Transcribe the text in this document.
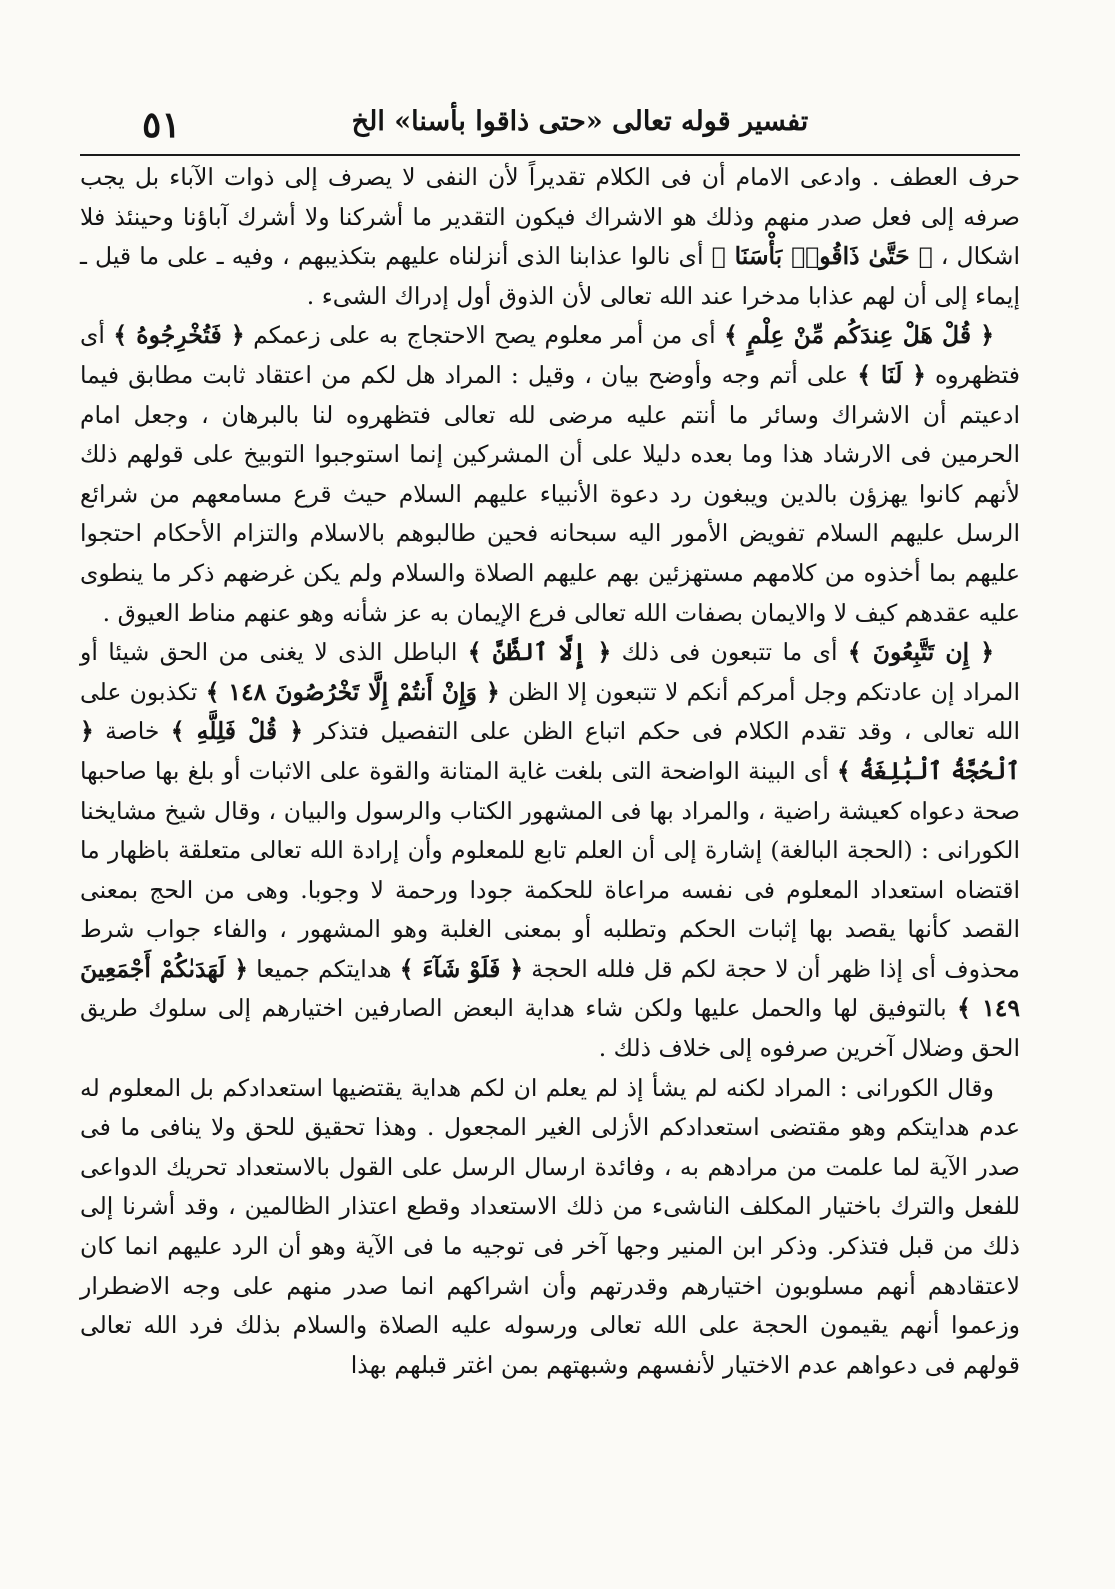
٥١	تفسير قوله تعالى «حتى ذاقوا بأسنا» الخ

حرف العطف . وادعى الامام أن فى الكلام تقديراً لأن النفى لا يصرف إلى ذوات الآباء بل يجب صرفه إلى فعل صدر منهم وذلك هو الاشراك فيكون التقدير ما أشركنا ولا أشرك آباؤنا وحينئذ فلا اشكال ، ﴿ حَتَّىٰ ذَاقُوا۟ بَأْسَنَا ﴾ أى نالوا عذابنا الذى أنزلناه عليهم بتكذيبهم ، وفيه ـ على ما قيل ـ إيماء إلى أن لهم عذابا مدخرا عند الله تعالى لأن الذوق أول إدراك الشىء .

﴿ قُلْ هَلْ عِندَكُم مِّنْ عِلْمٍ ﴾ أى من أمر معلوم يصح الاحتجاج به على زعمكم ﴿ فَتُخْرِجُوهُ ﴾ أى فتظهروه ﴿ لَنَا ﴾ على أتم وجه وأوضح بيان ، وقيل : المراد هل لكم من اعتقاد ثابت مطابق فيما ادعيتم أن الاشراك وسائر ما أنتم عليه مرضى لله تعالى فتظهروه لنا بالبرهان ، وجعل امام الحرمين فى الارشاد هذا وما بعده دليلا على أن المشركين إنما استوجبوا التوبيخ على قولهم ذلك لأنهم كانوا يهزؤن بالدين ويبغون رد دعوة الأنبياء عليهم السلام حيث قرع مسامعهم من شرائع الرسل عليهم السلام تفويض الأمور اليه سبحانه فحين طالبوهم بالاسلام والتزام الأحكام احتجوا عليهم بما أخذوه من كلامهم مستهزئين بهم عليهم الصلاة والسلام ولم يكن غرضهم ذكر ما ينطوى عليه عقدهم كيف لا والايمان بصفات الله تعالى فرع الإيمان به عز شأنه وهو عنهم مناط العيوق .

﴿ إِن تَتَّبِعُونَ ﴾ أى ما تتبعون فى ذلك ﴿ إِلَّا ٱلظَّنَّ ﴾ الباطل الذى لا يغنى من الحق شيئا أو المراد إن عادتكم وجل أمركم أنكم لا تتبعون إلا الظن ﴿ وَإِنْ أَنتُمْ إِلَّا تَخْرُصُونَ ١٤٨ ﴾ تكذبون على الله تعالى ، وقد تقدم الكلام فى حكم اتباع الظن على التفصيل فتذكر ﴿ قُلْ فَلِلَّهِ ﴾ خاصة ﴿ ٱلْحُجَّةُ ٱلْبَٰلِغَةُ ﴾ أى البينة الواضحة التى بلغت غاية المتانة والقوة على الاثبات أو بلغ بها صاحبها صحة دعواه كعيشة راضية ، والمراد بها فى المشهور الكتاب والرسول والبيان ، وقال شيخ مشايخنا الكورانى : (الحجة البالغة) إشارة إلى أن العلم تابع للمعلوم وأن إرادة الله تعالى متعلقة باظهار ما اقتضاه استعداد المعلوم فى نفسه مراعاة للحكمة جودا ورحمة لا وجوبا. وهى من الحج بمعنى القصد كأنها يقصد بها إثبات الحكم وتطلبه أو بمعنى الغلبة وهو المشهور ، والفاء جواب شرط محذوف أى إذا ظهر أن لا حجة لكم قل فلله الحجة ﴿ فَلَوْ شَآءَ ﴾ هدايتكم جميعا ﴿ لَهَدَىٰكُمْ أَجْمَعِينَ ١٤٩ ﴾ بالتوفيق لها والحمل عليها ولكن شاء هداية البعض الصارفين اختيارهم إلى سلوك طريق الحق وضلال آخرين صرفوه إلى خلاف ذلك .

وقال الكورانى : المراد لكنه لم يشأ إذ لم يعلم ان لكم هداية يقتضيها استعدادكم بل المعلوم له عدم هدايتكم وهو مقتضى استعدادكم الأزلى الغير المجعول . وهذا تحقيق للحق ولا ينافى ما فى صدر الآية لما علمت من مرادهم به ، وفائدة ارسال الرسل على القول بالاستعداد تحريك الدواعى للفعل والترك باختيار المكلف الناشىء من ذلك الاستعداد وقطع اعتذار الظالمين ، وقد أشرنا إلى ذلك من قبل فتذكر. وذكر ابن المنير وجها آخر فى توجيه ما فى الآية وهو أن الرد عليهم انما كان لاعتقادهم أنهم مسلوبون اختيارهم وقدرتهم وأن اشراكهم انما صدر منهم على وجه الاضطرار وزعموا أنهم يقيمون الحجة على الله تعالى ورسوله عليه الصلاة والسلام بذلك فرد الله تعالى قولهم فى دعواهم عدم الاختيار لأنفسهم وشبهتهم بمن اغتر قبلهم بهذا
